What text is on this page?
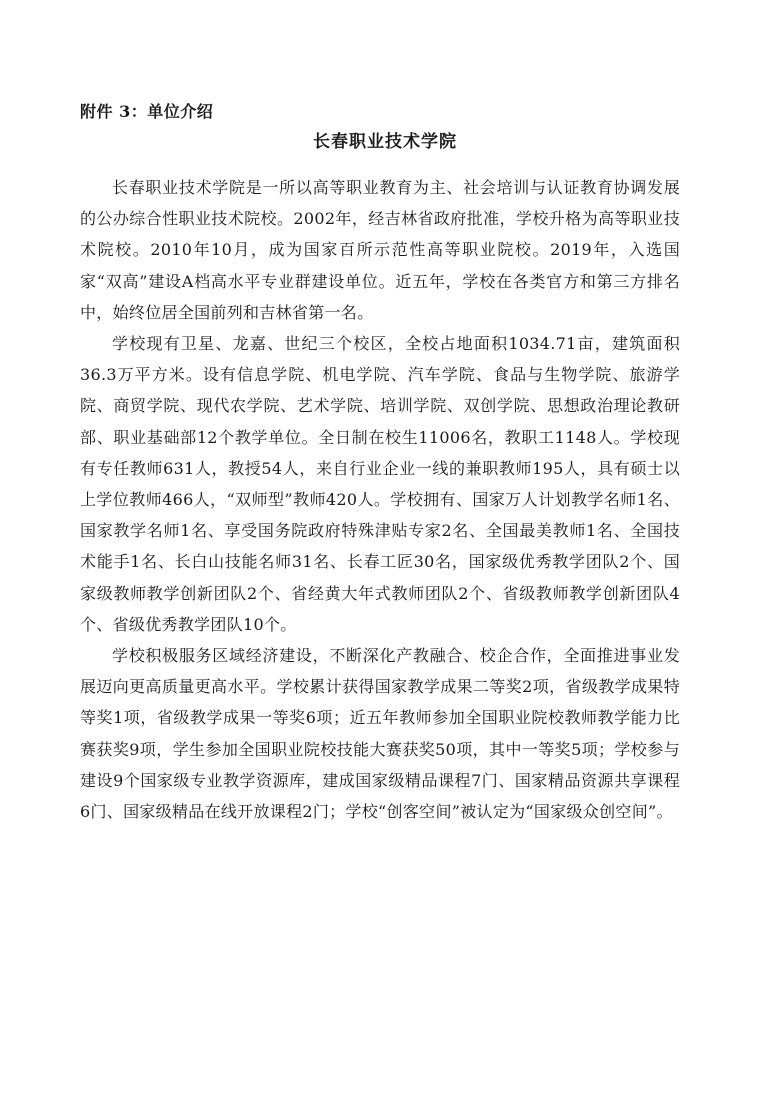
附件 3：单位介绍
长春职业技术学院

长春职业技术学院是一所以高等职业教育为主、社会培训与认证教育协调发展的公办综合性职业技术院校。2002年，经吉林省政府批准，学校升格为高等职业技术院校。2010年10月，成为国家百所示范性高等职业院校。2019年，入选国家“双高”建设A档高水平专业群建设单位。近五年，学校在各类官方和第三方排名中，始终位居全国前列和吉林省第一名。

学校现有卫星、龙嘉、世纪三个校区，全校占地面积1034.71亩，建筑面积36.3万平方米。设有信息学院、机电学院、汽车学院、食品与生物学院、旅游学院、商贸学院、现代农学院、艺术学院、培训学院、双创学院、思想政治理论教研部、职业基础部12个教学单位。全日制在校生11006名，教职工1148人。学校现有专任教师631人，教授54人，来自行业企业一线的兼职教师195人，具有硕士以上学位教师466人，“双师型”教师420人。学校拥有、国家万人计划教学名师1名、国家教学名师1名、享受国务院政府特殊津贴专家2名、全国最美教师1名、全国技术能手1名、长白山技能名师31名、长春工匠30名，国家级优秀教学团队2个、国家级教师教学创新团队2个、省经黄大年式教师团队2个、省级教师教学创新团队4个、省级优秀教学团队10个。

学校积极服务区域经济建设，不断深化产教融合、校企合作，全面推进事业发展迈向更高质量更高水平。学校累计获得国家教学成果二等奖2项，省级教学成果特等奖1项，省级教学成果一等奖6项；近五年教师参加全国职业院校教师教学能力比赛获奖9项，学生参加全国职业院校技能大赛获奖50项，其中一等奖5项；学校参与建设9个国家级专业教学资源库，建成国家级精品课程7门、国家精品资源共享课程6门、国家级精品在线开放课程2门；学校“创客空间”被认定为“国家级众创空间”。
